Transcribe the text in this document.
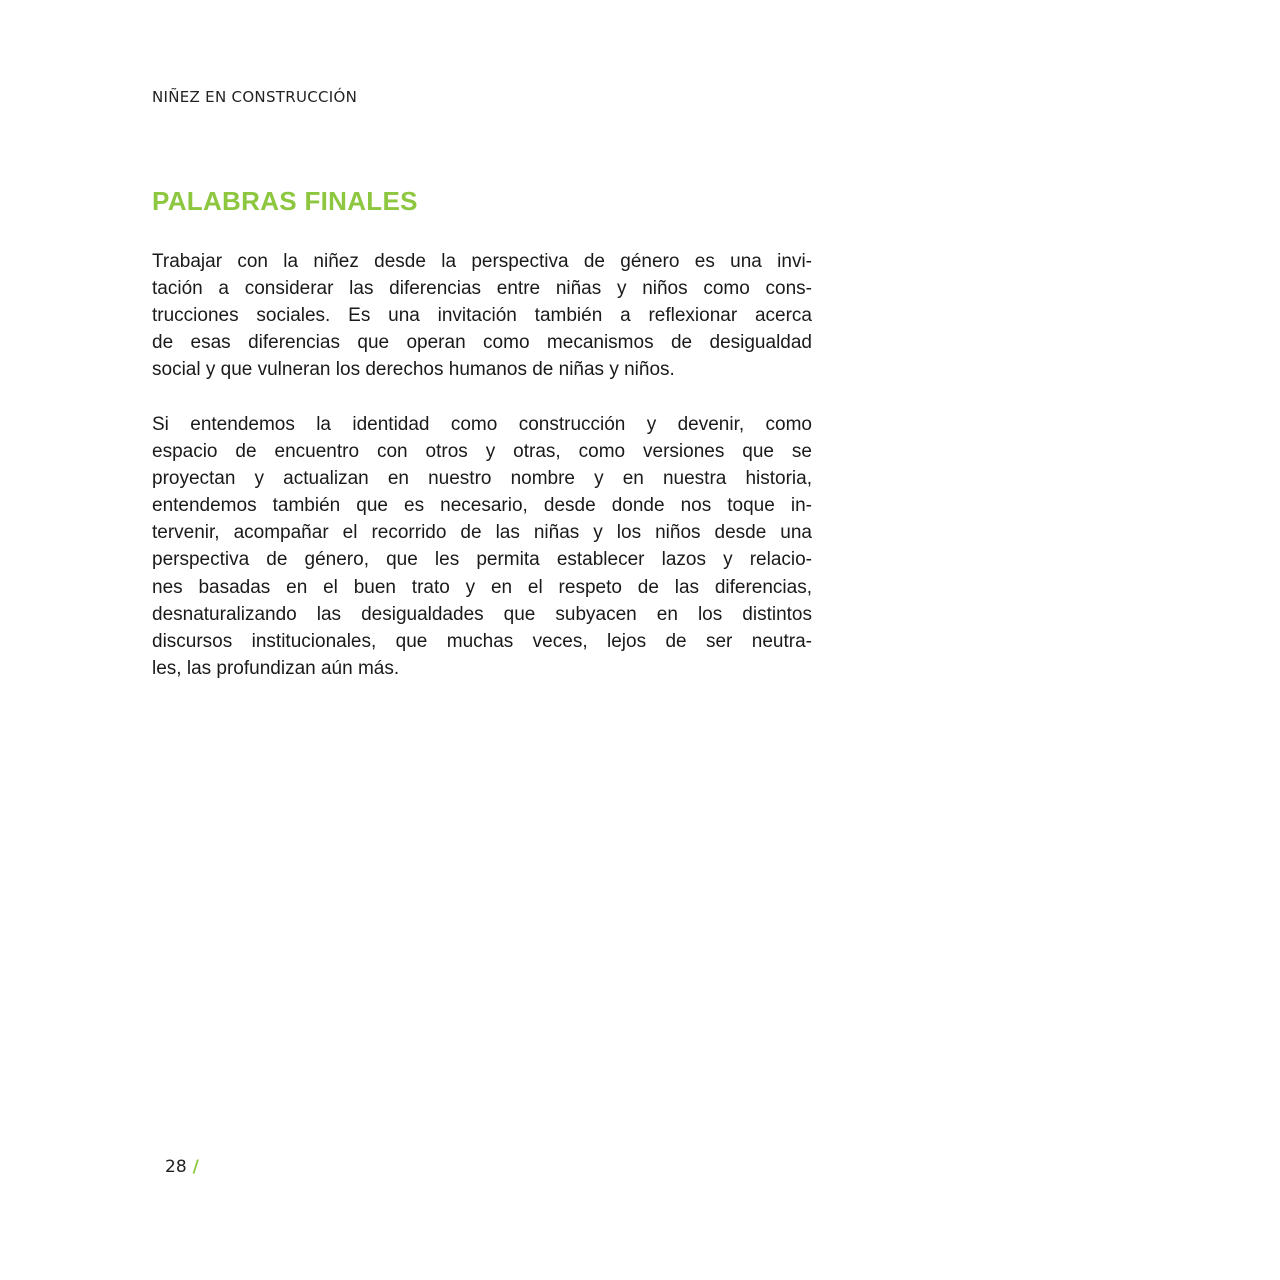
NIÑEZ EN CONSTRUCCIÓN
PALABRAS FINALES
Trabajar con la niñez desde la perspectiva de género es una invi-
tación a considerar las diferencias entre niñas y niños como cons-
trucciones sociales. Es una invitación también a reflexionar acerca
de esas diferencias que operan como mecanismos de desigualdad
social y que vulneran los derechos humanos de niñas y niños.
Si entendemos la identidad como construcción y devenir, como
espacio de encuentro con otros y otras, como versiones que se
proyectan y actualizan en nuestro nombre y en nuestra historia,
entendemos también que es necesario, desde donde nos toque in-
tervenir, acompañar el recorrido de las niñas y los niños desde una
perspectiva de género, que les permita establecer lazos y relacio-
nes basadas en el buen trato y en el respeto de las diferencias,
desnaturalizando las desigualdades que subyacen en los distintos
discursos institucionales, que muchas veces, lejos de ser neutra-
les, las profundizan aún más.
28 /
